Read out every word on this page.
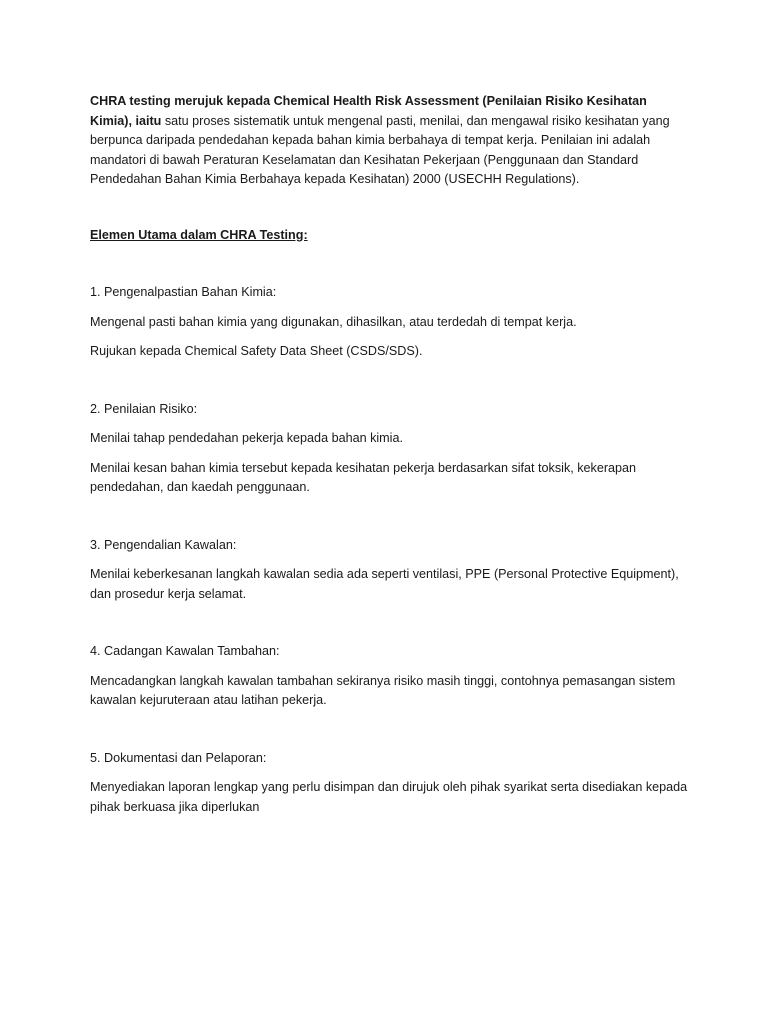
CHRA testing merujuk kepada Chemical Health Risk Assessment (Penilaian Risiko Kesihatan Kimia), iaitu satu proses sistematik untuk mengenal pasti, menilai, dan mengawal risiko kesihatan yang berpunca daripada pendedahan kepada bahan kimia berbahaya di tempat kerja. Penilaian ini adalah mandatori di bawah Peraturan Keselamatan dan Kesihatan Pekerjaan (Penggunaan dan Standard Pendedahan Bahan Kimia Berbahaya kepada Kesihatan) 2000 (USECHH Regulations).

Elemen Utama dalam CHRA Testing:

1. Pengenalpastian Bahan Kimia:

Mengenal pasti bahan kimia yang digunakan, dihasilkan, atau terdedah di tempat kerja.

Rujukan kepada Chemical Safety Data Sheet (CSDS/SDS).

2. Penilaian Risiko:

Menilai tahap pendedahan pekerja kepada bahan kimia.

Menilai kesan bahan kimia tersebut kepada kesihatan pekerja berdasarkan sifat toksik, kekerapan pendedahan, dan kaedah penggunaan.

3. Pengendalian Kawalan:

Menilai keberkesanan langkah kawalan sedia ada seperti ventilasi, PPE (Personal Protective Equipment), dan prosedur kerja selamat.

4. Cadangan Kawalan Tambahan:

Mencadangkan langkah kawalan tambahan sekiranya risiko masih tinggi, contohnya pemasangan sistem kawalan kejuruteraan atau latihan pekerja.

5. Dokumentasi dan Pelaporan:

Menyediakan laporan lengkap yang perlu disimpan dan dirujuk oleh pihak syarikat serta disediakan kepada pihak berkuasa jika diperlukan
